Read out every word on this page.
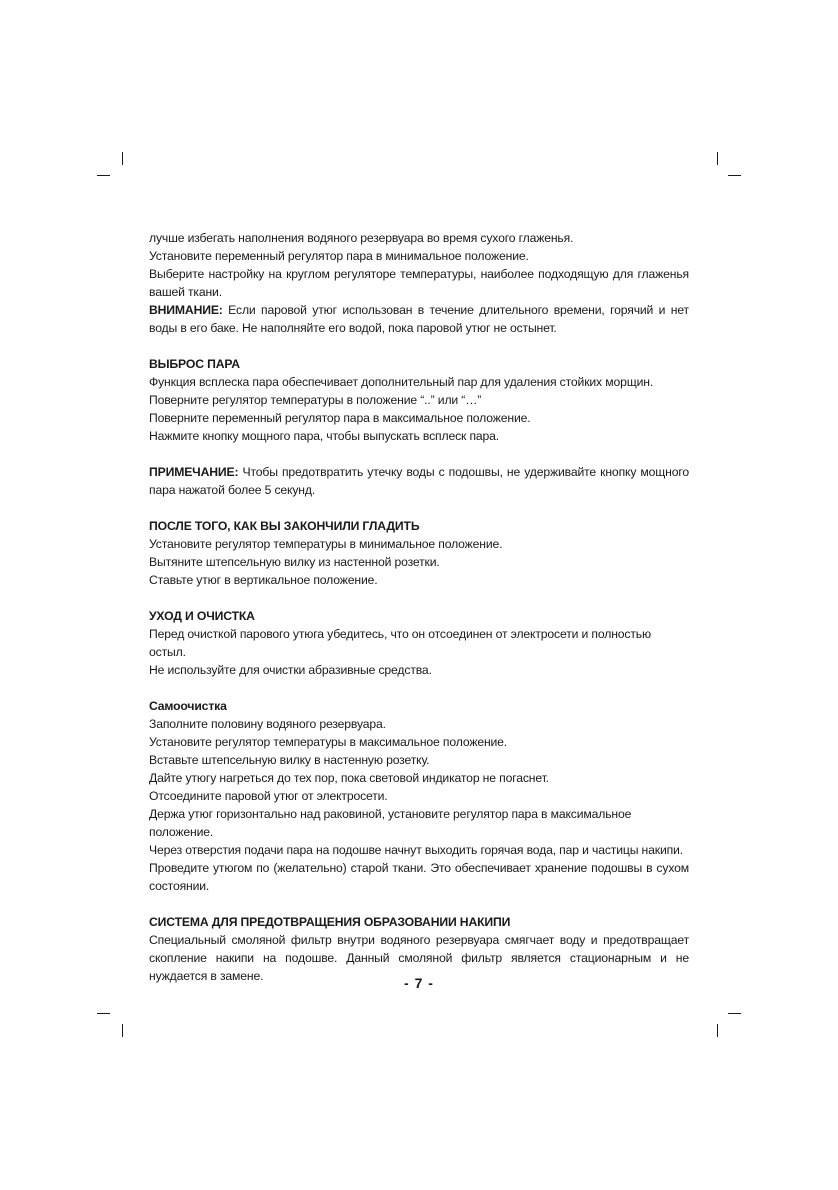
лучше избегать наполнения водяного резервуара во время сухого глаженья.

Установите переменный регулятор пара в минимальное положение.

Выберите настройку на круглом регуляторе температуры, наиболее подходящую для глаженья вашей ткани.

ВНИМАНИЕ: Если паровой утюг использован в течение длительного времени, горячий и нет воды в его баке. Не наполняйте его водой, пока паровой утюг не остынет.

ВЫБРОС ПАРА

Функция всплеска пара обеспечивает дополнительный пар для удаления стойких морщин.

Поверните регулятор температуры в положение “..” или “…”

Поверните переменный регулятор пара в максимальное положение.

Нажмите кнопку мощного пара, чтобы выпускать всплеск пара.

ПРИМЕЧАНИЕ: Чтобы предотвратить утечку воды с подошвы, не удерживайте кнопку мощного пара нажатой более 5 секунд.

ПОСЛЕ ТОГО, КАК ВЫ ЗАКОНЧИЛИ ГЛАДИТЬ

Установите регулятор температуры в минимальное положение.

Вытяните штепсельную вилку из настенной розетки.

Ставьте утюг в вертикальное положение.

УХОД И ОЧИСТКА

Перед очисткой парового утюга убедитесь, что он отсоединен от электросети и полностью остыл.

Не используйте для очистки абразивные средства.

Самоочистка

Заполните половину водяного резервуара.

Установите регулятор температуры в максимальное положение.

Вставьте штепсельную вилку в настенную розетку.

Дайте утюгу нагреться до тех пор, пока световой индикатор не погаснет.

Отсоедините паровой утюг от электросети.

Держа утюг горизонтально над раковиной, установите регулятор пара в максимальное положение.

Через отверстия подачи пара на подошве начнут выходить горячая вода, пар и частицы накипи.

Проведите утюгом по (желательно) старой ткани. Это обеспечивает хранение подошвы в сухом состоянии.

СИСТЕМА ДЛЯ ПРЕДОТВРАЩЕНИЯ ОБРАЗОВАНИИ НАКИПИ

Специальный смоляной фильтр внутри водяного резервуара смягчает воду и предотвращает скопление накипи на подошве. Данный смоляной фильтр является стационарным и не нуждается в замене.	- 7 -
